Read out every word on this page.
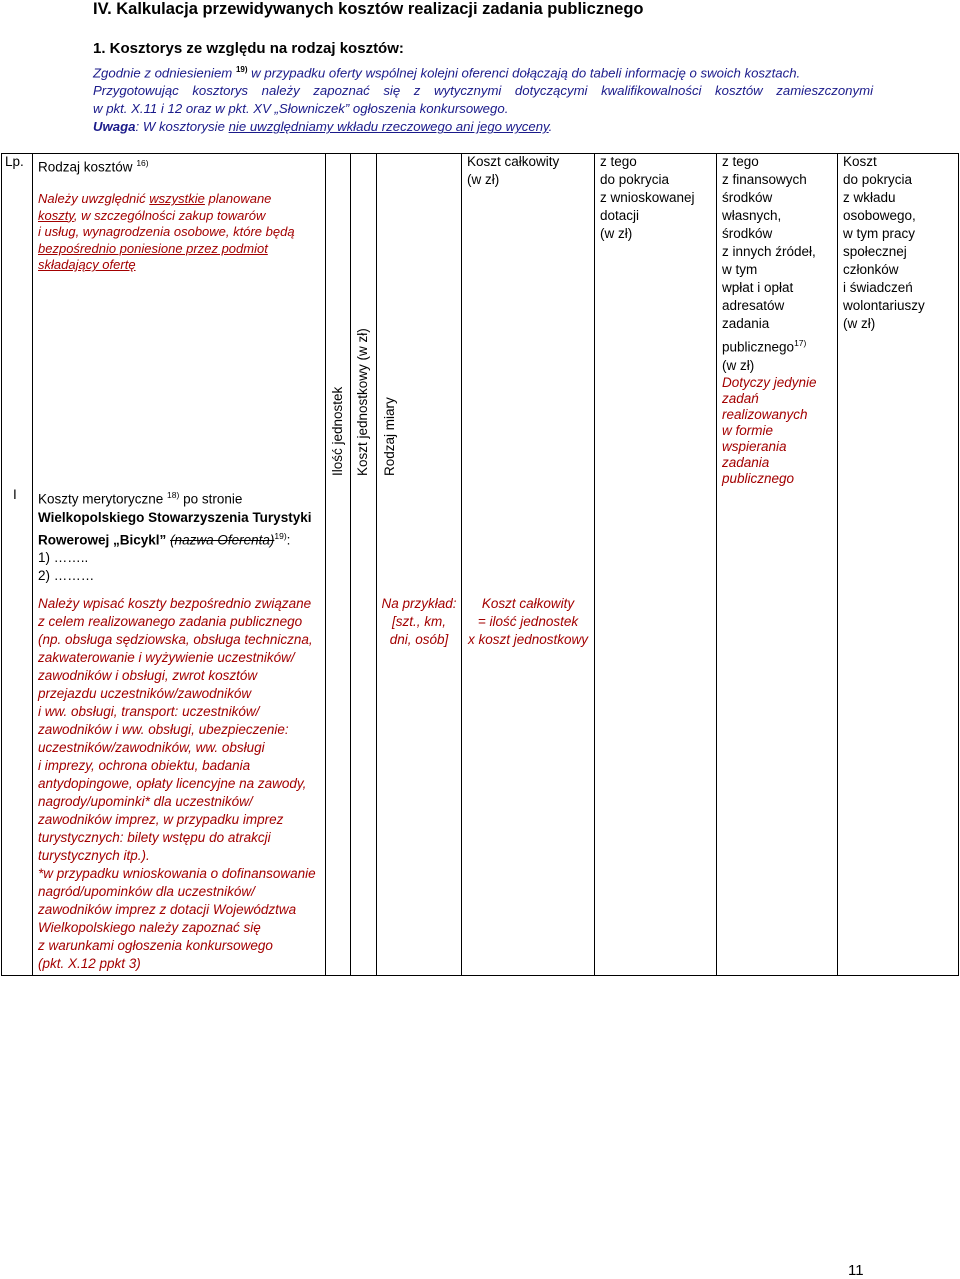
IV. Kalkulacja przewidywanych kosztów realizacji zadania publicznego
1. Kosztorys ze względu na rodzaj kosztów:

Zgodnie z odniesieniem $^{19)}$ w przypadku oferty wspólnej kolejni oferenci dołączają do tabeli informację o swoich kosztach.

Przygotowując kosztorys należy zapoznać się z wytycznymi dotyczącymi kwalifikowalności kosztów zamieszczonymi

w pkt. X.11 i 12 oraz w pkt. XV „Słowniczek” ogłoszenia konkursowego.

Uwaga: W kosztorysie nie uwzględniamy wkładu rzeczowego ani jego wyceny.

Lp. Rodzaj kosztów $^{16)}$
Należy uwzględnić wszystkie planowane
koszty, w szczególności zakup towarów
i usług, wynagrodzenia osobowe, które będą
bezpośrednio poniesione przez podmiot
składający ofertę
Ilość jednostek Koszt jednostkowy (w zł) Rodzaj miary
Koszt całkowity
(w zł)
z tego
do pokrycia
z wnioskowanej
dotacji
(w zł)
z tego
z finansowych
środków
własnych,
środków
z innych źródeł,
w tym
wpłat i opłat
adresatów
zadania
publicznego$^{17)}$
(w zł)
Dotyczy jedynie
zadań
realizowanych
w formie
wspierania
zadania
publicznego
Koszt
do pokrycia
z wkładu
osobowego,
w tym pracy
społecznej
członków
i świadczeń
wolontariuszy
(w zł)
I Koszty merytoryczne $^{18)}$ po stronie
Wielkopolskiego Stowarzyszenia Turystyki
Rowerowej „Bicykl” (nazwa Oferenta)$^{19)}$:
1) ……..
2) ………
Należy wpisać koszty bezpośrednio związane
z celem realizowanego zadania publicznego
(np. obsługa sędziowska, obsługa techniczna,
zakwaterowanie i wyżywienie uczestników/
zawodników i obsługi, zwrot kosztów
przejazdu uczestników/zawodników
i ww. obsługi, transport: uczestników/
zawodników i ww. obsługi, ubezpieczenie:
uczestników/zawodników, ww. obsługi
i imprezy, ochrona obiektu, badania
antydopingowe, opłaty licencyjne na zawody,
nagrody/upominki* dla uczestników/
zawodników imprez, w przypadku imprez
turystycznych: bilety wstępu do atrakcji
turystycznych itp.).
*w przypadku wnioskowania o dofinansowanie
nagród/upominków dla uczestników/
zawodników imprez z dotacji Województwa
Wielkopolskiego należy zapoznać się
z warunkami ogłoszenia konkursowego
(pkt. X.12 ppkt 3)
Na przykład:
[szt., km,
dni, osób]
Koszt całkowity
= ilość jednostek
x koszt jednostkowy
11
